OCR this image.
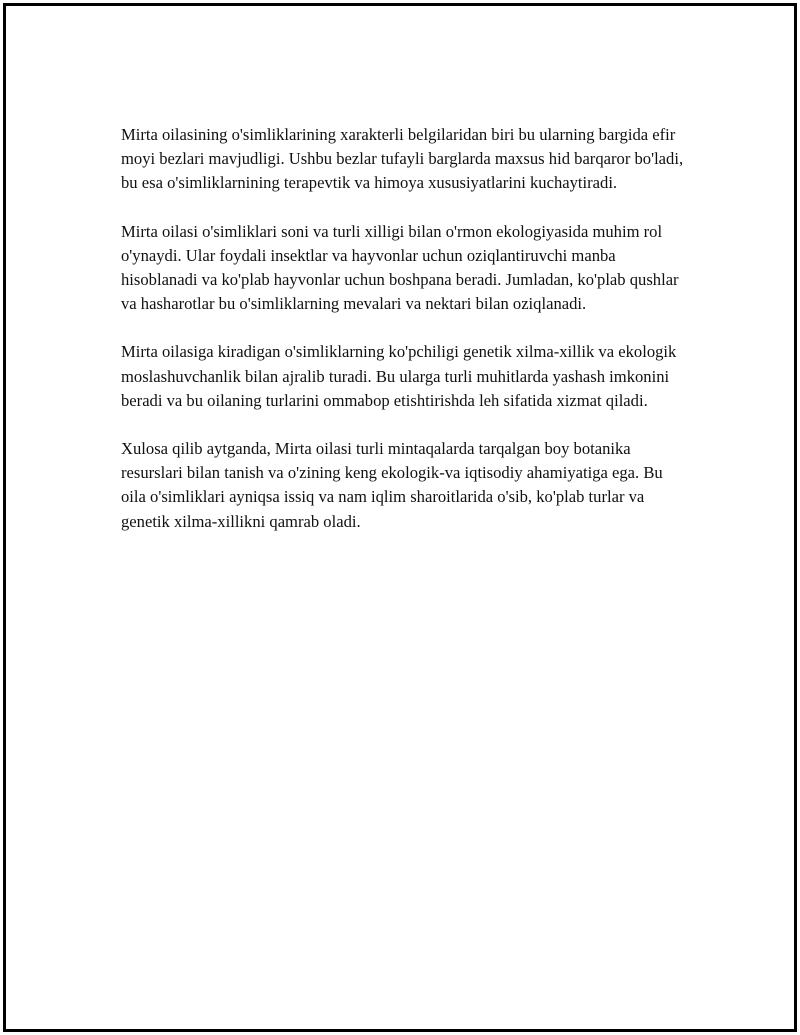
Mirta oilasining o'simliklarining xarakterli belgilaridan biri bu ularning bargida efir moyi bezlari mavjudligi. Ushbu bezlar tufayli barglarda maxsus hid barqaror bo'ladi, bu esa o'simliklarnining terapevtik va himoya xususiyatlarini kuchaytiradi.

Mirta oilasi o'simliklari soni va turli xilligi bilan o'rmon ekologiyasida muhim rol o'ynaydi. Ular foydali insektlar va hayvonlar uchun oziqlantiruvchi manba hisoblanadi va ko'plab hayvonlar uchun boshpana beradi. Jumladan, ko'plab qushlar va hasharotlar bu o'simliklarning mevalari va nektari bilan oziqlanadi.

Mirta oilasiga kiradigan o'simliklarning ko'pchiligi genetik xilma-xillik va ekologik moslashuvchanlik bilan ajralib turadi. Bu ularga turli muhitlarda yashash imkonini beradi va bu oilaning turlarini ommabop etishtirishda leh sifatida xizmat qiladi.

Xulosa qilib aytganda, Mirta oilasi turli mintaqalarda tarqalgan boy botanika resurslari bilan tanish va o'zining keng ekologik-va iqtisodiy ahamiyatiga ega. Bu oila o'simliklari ayniqsa issiq va nam iqlim sharoitlarida o'sib, ko'plab turlar va genetik xilma-xillikni qamrab oladi.
